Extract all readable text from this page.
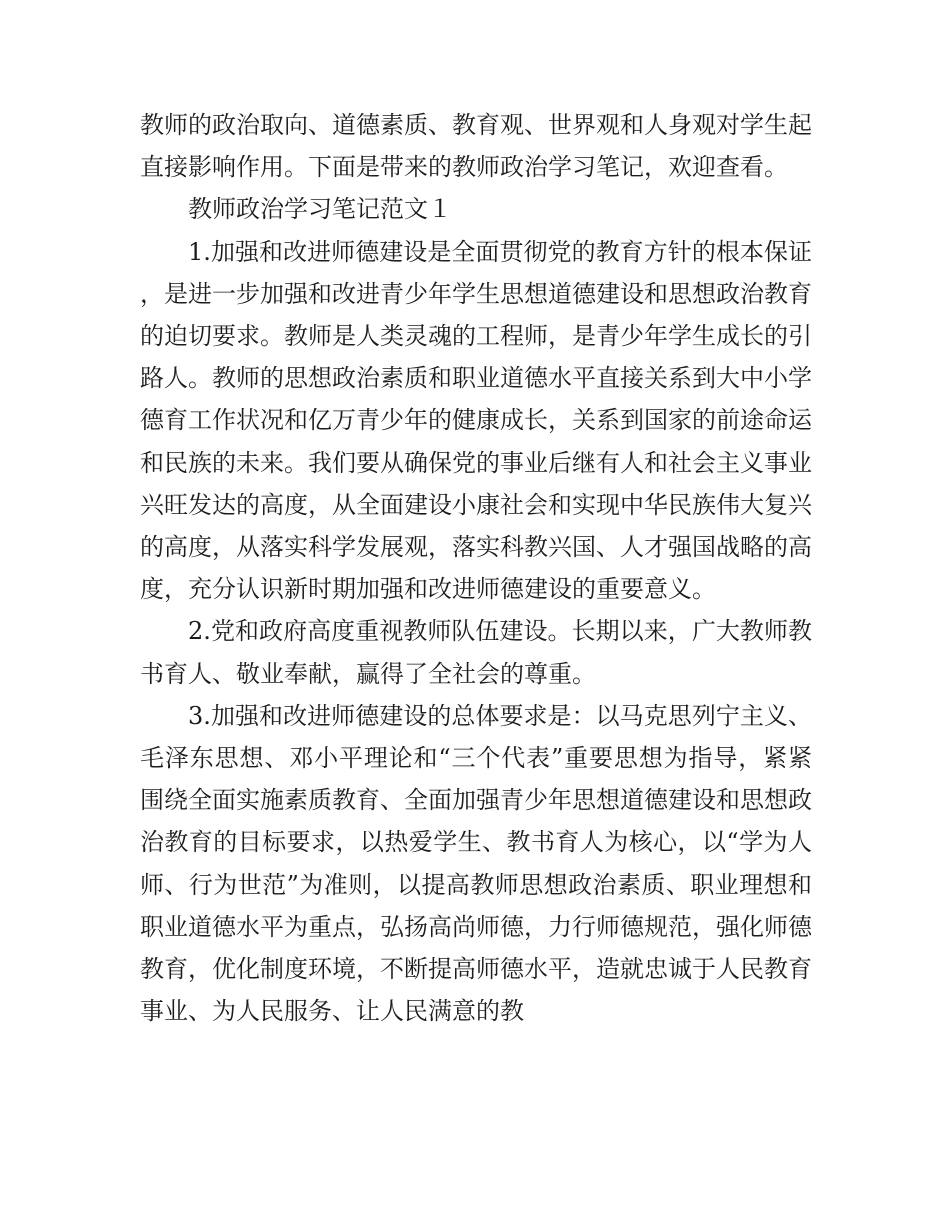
教师的政治取向、道德素质、教育观、世界观和人身观对学生起直接影响作用。下面是带来的教师政治学习笔记，欢迎查看。

教师政治学习笔记范文１

1.加强和改进师德建设是全面贯彻党的教育方针的根本保证，是进一步加强和改进青少年学生思想道德建设和思想政治教育的迫切要求。教师是人类灵魂的工程师，是青少年学生成长的引路人。教师的思想政治素质和职业道德水平直接关系到大中小学德育工作状况和亿万青少年的健康成长，关系到国家的前途命运和民族的未来。我们要从确保党的事业后继有人和社会主义事业兴旺发达的高度，从全面建设小康社会和实现中华民族伟大复兴的高度，从落实科学发展观，落实科教兴国、人才强国战略的高度，充分认识新时期加强和改进师德建设的重要意义。

2.党和政府高度重视教师队伍建设。长期以来，广大教师教书育人、敬业奉献，赢得了全社会的尊重。

3.加强和改进师德建设的总体要求是：以马克思列宁主义、毛泽东思想、邓小平理论和“三个代表”重要思想为指导，紧紧围绕全面实施素质教育、全面加强青少年思想道德建设和思想政治教育的目标要求，以热爱学生、教书育人为核心，以“学为人师、行为世范”为准则，以提高教师思想政治素质、职业理想和职业道德水平为重点，弘扬高尚师德，力行师德规范，强化师德教育，优化制度环境，不断提高师德水平，造就忠诚于人民教育事业、为人民服务、让人民满意的教
